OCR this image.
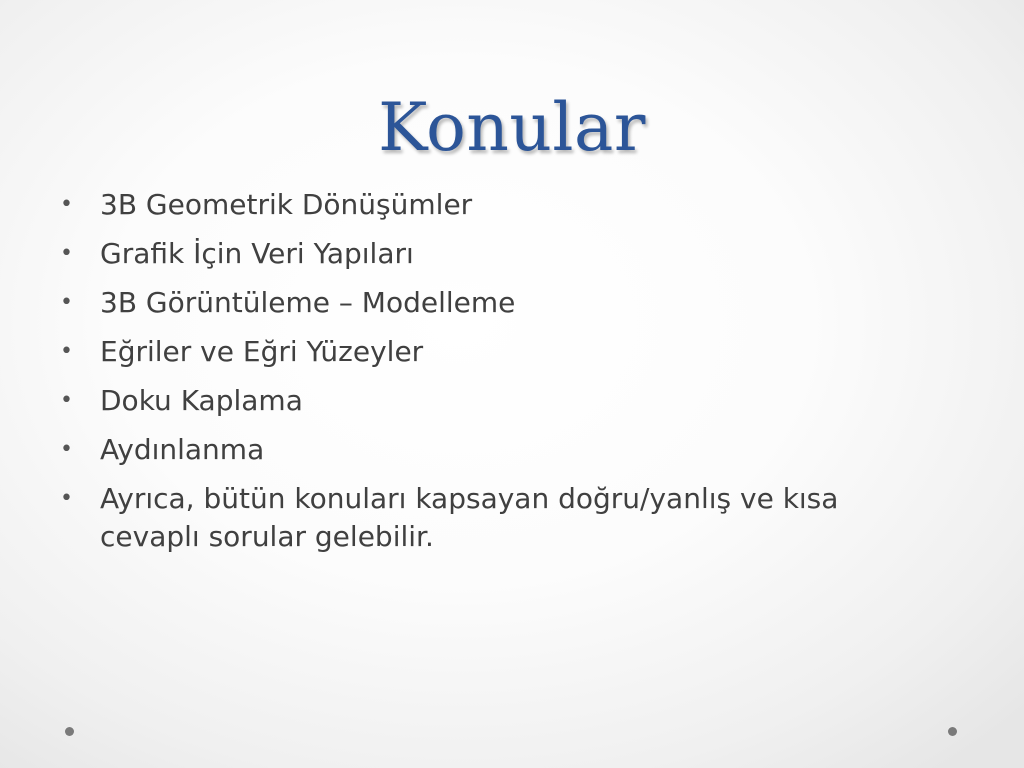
Konular
• 3B Geometrik Dönüşümler
• Grafik İçin Veri Yapıları
• 3B Görüntüleme – Modelleme
• Eğriler ve Eğri Yüzeyler
• Doku Kaplama
• Aydınlanma
• Ayrıca, bütün konuları kapsayan doğru/yanlış ve kısa cevaplı sorular gelebilir.
